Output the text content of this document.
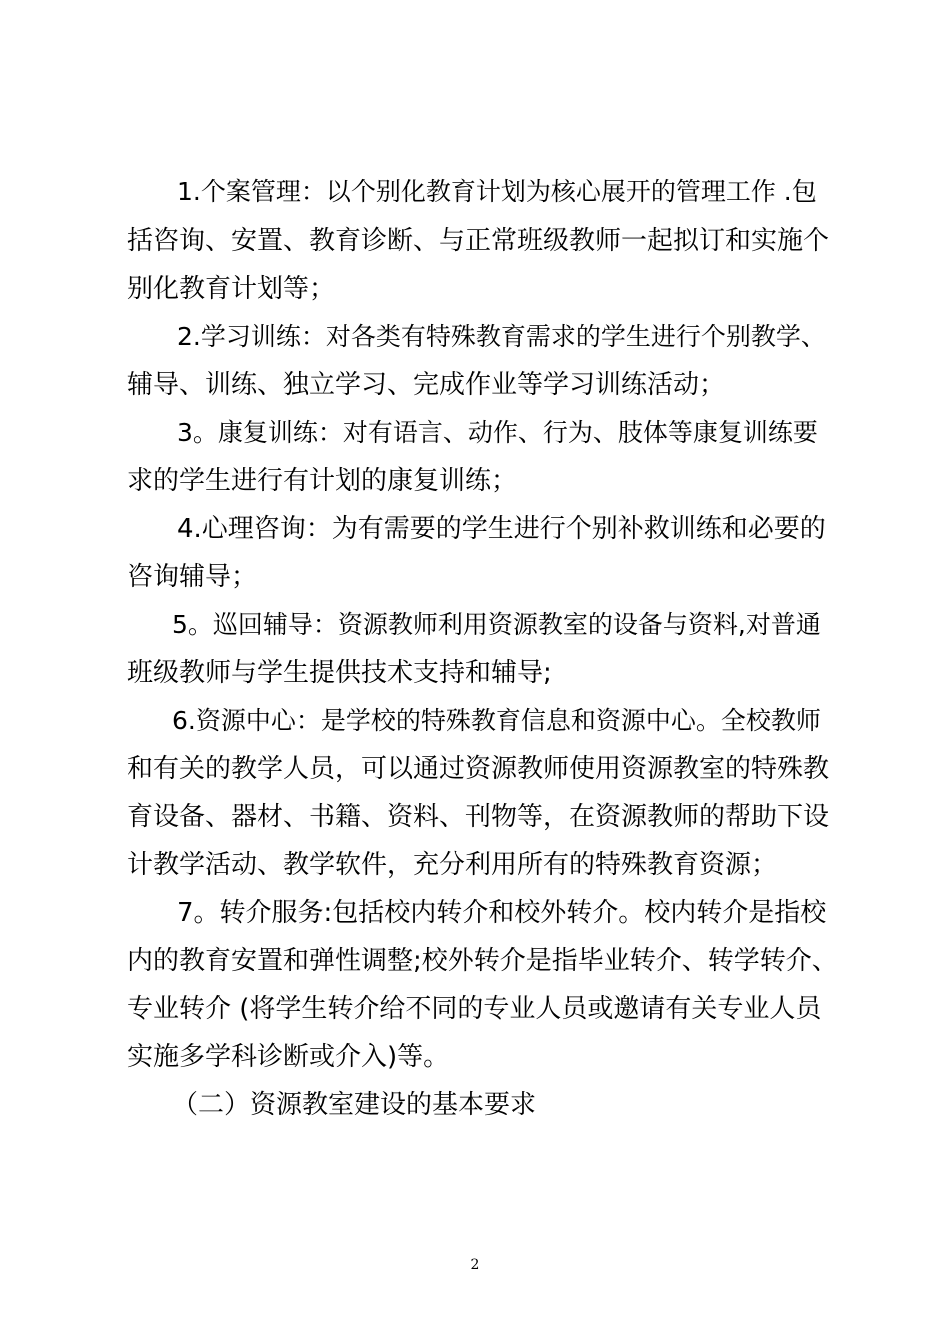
1.个案管理：以个别化教育计划为核心展开的管理工作 .包
括咨询、安置、教育诊断、与正常班级教师一起拟订和实施个
别化教育计划等；
2.学习训练：对各类有特殊教育需求的学生进行个别教学、
辅导、训练、独立学习、完成作业等学习训练活动；
3。康复训练：对有语言、动作、行为、肢体等康复训练要
求的学生进行有计划的康复训练；
4.心理咨询：为有需要的学生进行个别补救训练和必要的
咨询辅导；
5。巡回辅导：资源教师利用资源教室的设备与资料,对普通
班级教师与学生提供技术支持和辅导;
6.资源中心：是学校的特殊教育信息和资源中心。全校教师
和有关的教学人员，可以通过资源教师使用资源教室的特殊教
育设备、器材、书籍、资料、刊物等，在资源教师的帮助下设
计教学活动、教学软件，充分利用所有的特殊教育资源；
7。转介服务:包括校内转介和校外转介。校内转介是指校
内的教育安置和弹性调整;校外转介是指毕业转介、转学转介、
专业转介 (将学生转介给不同的专业人员或邀请有关专业人员
实施多学科诊断或介入)等。
（二）资源教室建设的基本要求
2
